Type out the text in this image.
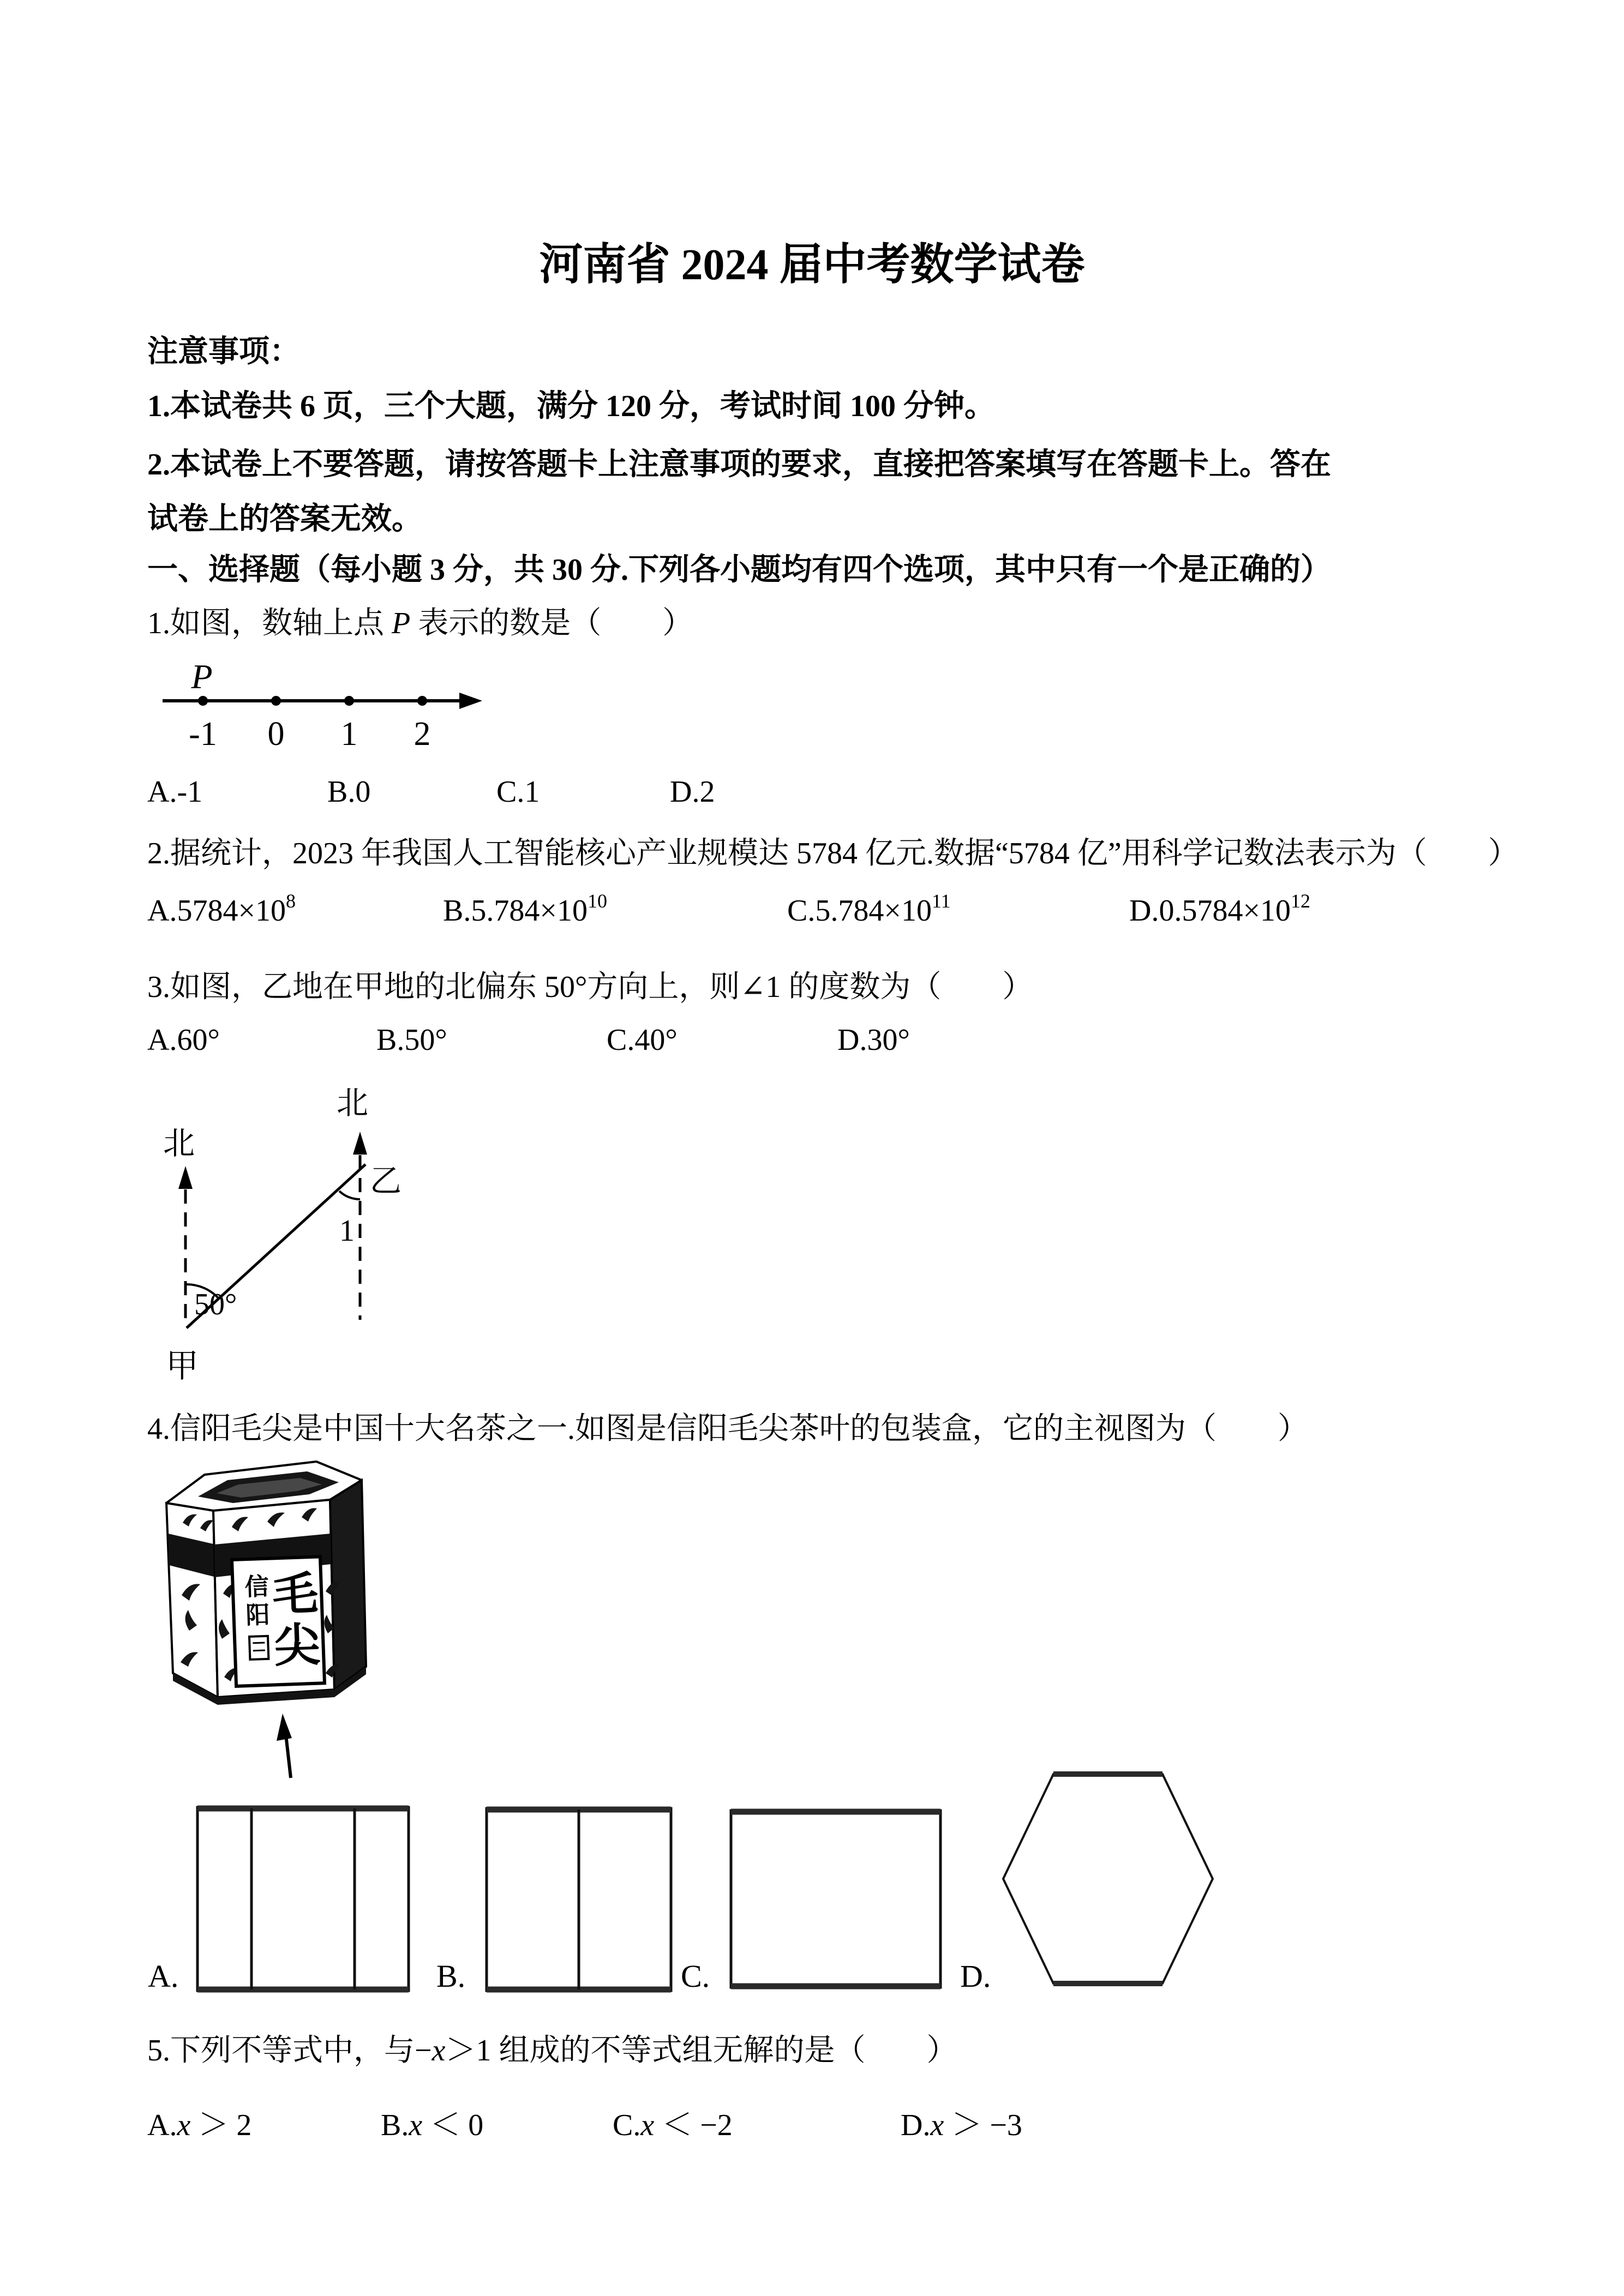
河南省 2024 届中考数学试卷
注意事项：
1.本试卷共 6 页，三个大题，满分 120 分，考试时间 100 分钟。
2.本试卷上不要答题，请按答题卡上注意事项的要求，直接把答案填写在答题卡上。答在试卷上的答案无效。
一、选择题（每小题 3 分，共 30 分.下列各小题均有四个选项，其中只有一个是正确的）
1.如图，数轴上点 P 表示的数是（　　）
P
-1 0 1 2
A.-1	B.0	C.1	D.2
2.据统计，2023 年我国人工智能核心产业规模达 5784 亿元.数据“5784 亿”用科学记数法表示为（　　）
$A.5784\times 10^8$	$B.5.784\times 10^{10}$	$C.5.784\times 10^{11}$	$D.0.5784\times 10^{12}$
3.如图，乙地在甲地的北偏东 50°方向上，则∠1 的度数为（　　）
A.60°	B.50°	C.40°	D.30°
北
北
乙
1
50°
甲
4.信阳毛尖是中国十大名茶之一.如图是信阳毛尖茶叶的包装盒，它的主视图为（　　）
信
阳 毛
尖
A.	B.	C.	D.
5.下列不等式中，与−x＞1 组成的不等式组无解的是（　　）
A.x ＞ 2	B.x ＜ 0	C.x ＜ −2	D.x ＞ −3
